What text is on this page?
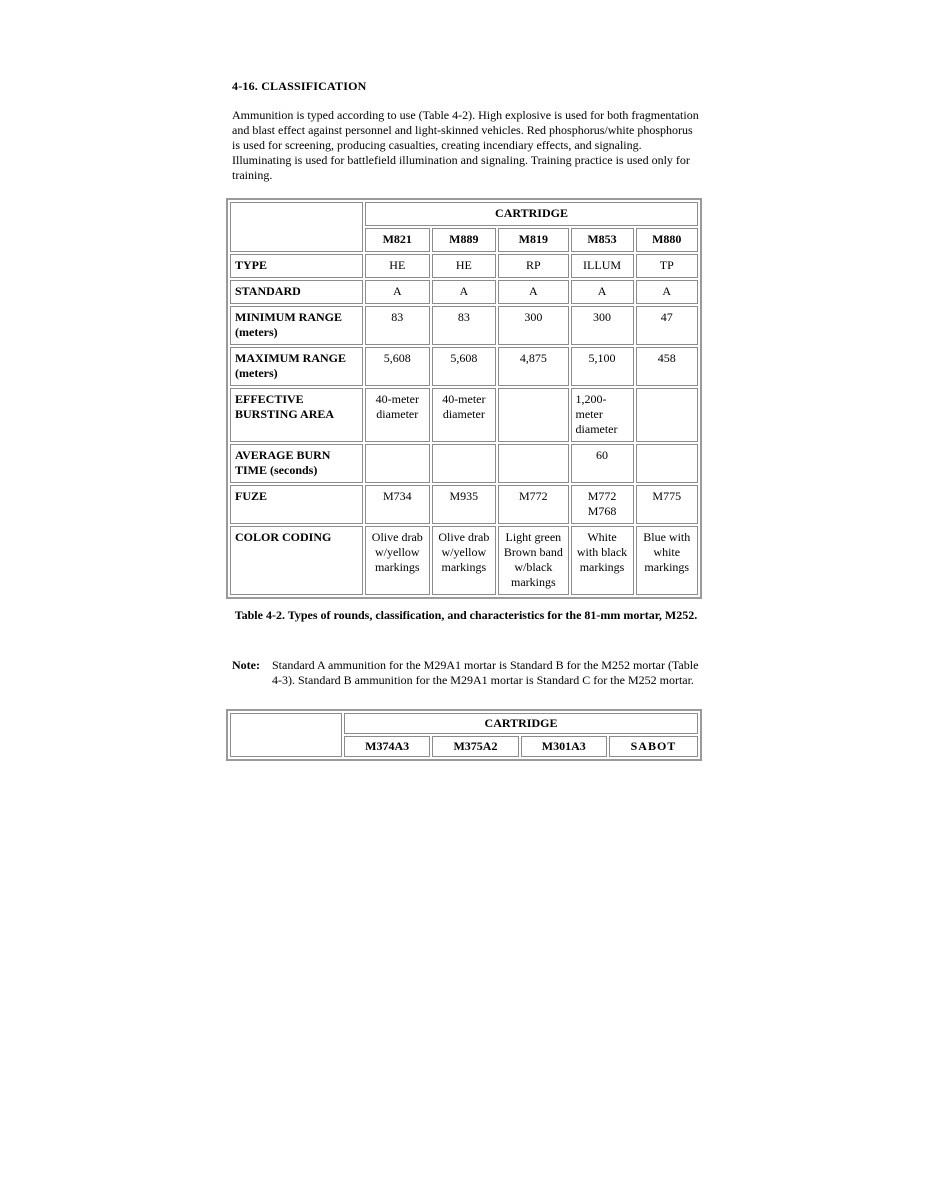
4-16. CLASSIFICATION
Ammunition is typed according to use (Table 4-2). High explosive is used for both fragmentation and blast effect against personnel and light-skinned vehicles. Red phosphorus/white phosphorus is used for screening, producing casualties, creating incendiary effects, and signaling. Illuminating is used for battlefield illumination and signaling. Training practice is used only for training.
	CARTRIDGE				
	M821	M889	M819	M853	M880
TYPE	HE	HE	RP	ILLUM	TP
STANDARD	A	A	A	A	A
MINIMUM RANGE (meters)	83	83	300	300	47
MAXIMUM RANGE (meters)	5,608	5,608	4,875	5,100	458
EFFECTIVE BURSTING AREA	40-meter diameter	40-meter diameter		1,200-meter diameter	
AVERAGE BURN TIME (seconds)				60	
FUZE	M734	M935	M772	M772 M768	M775
COLOR CODING	Olive drab w/yellow markings	Olive drab w/yellow markings	Light green Brown band w/black markings	White with black markings	Blue with white markings
Table 4-2. Types of rounds, classification, and characteristics for the 81-mm mortar, M252.
Note:	Standard A ammunition for the M29A1 mortar is Standard B for the M252 mortar (Table 4-3). Standard B ammunition for the M29A1 mortar is Standard C for the M252 mortar.
	CARTRIDGE			
	M374A3	M375A2	M301A3	SABOT
